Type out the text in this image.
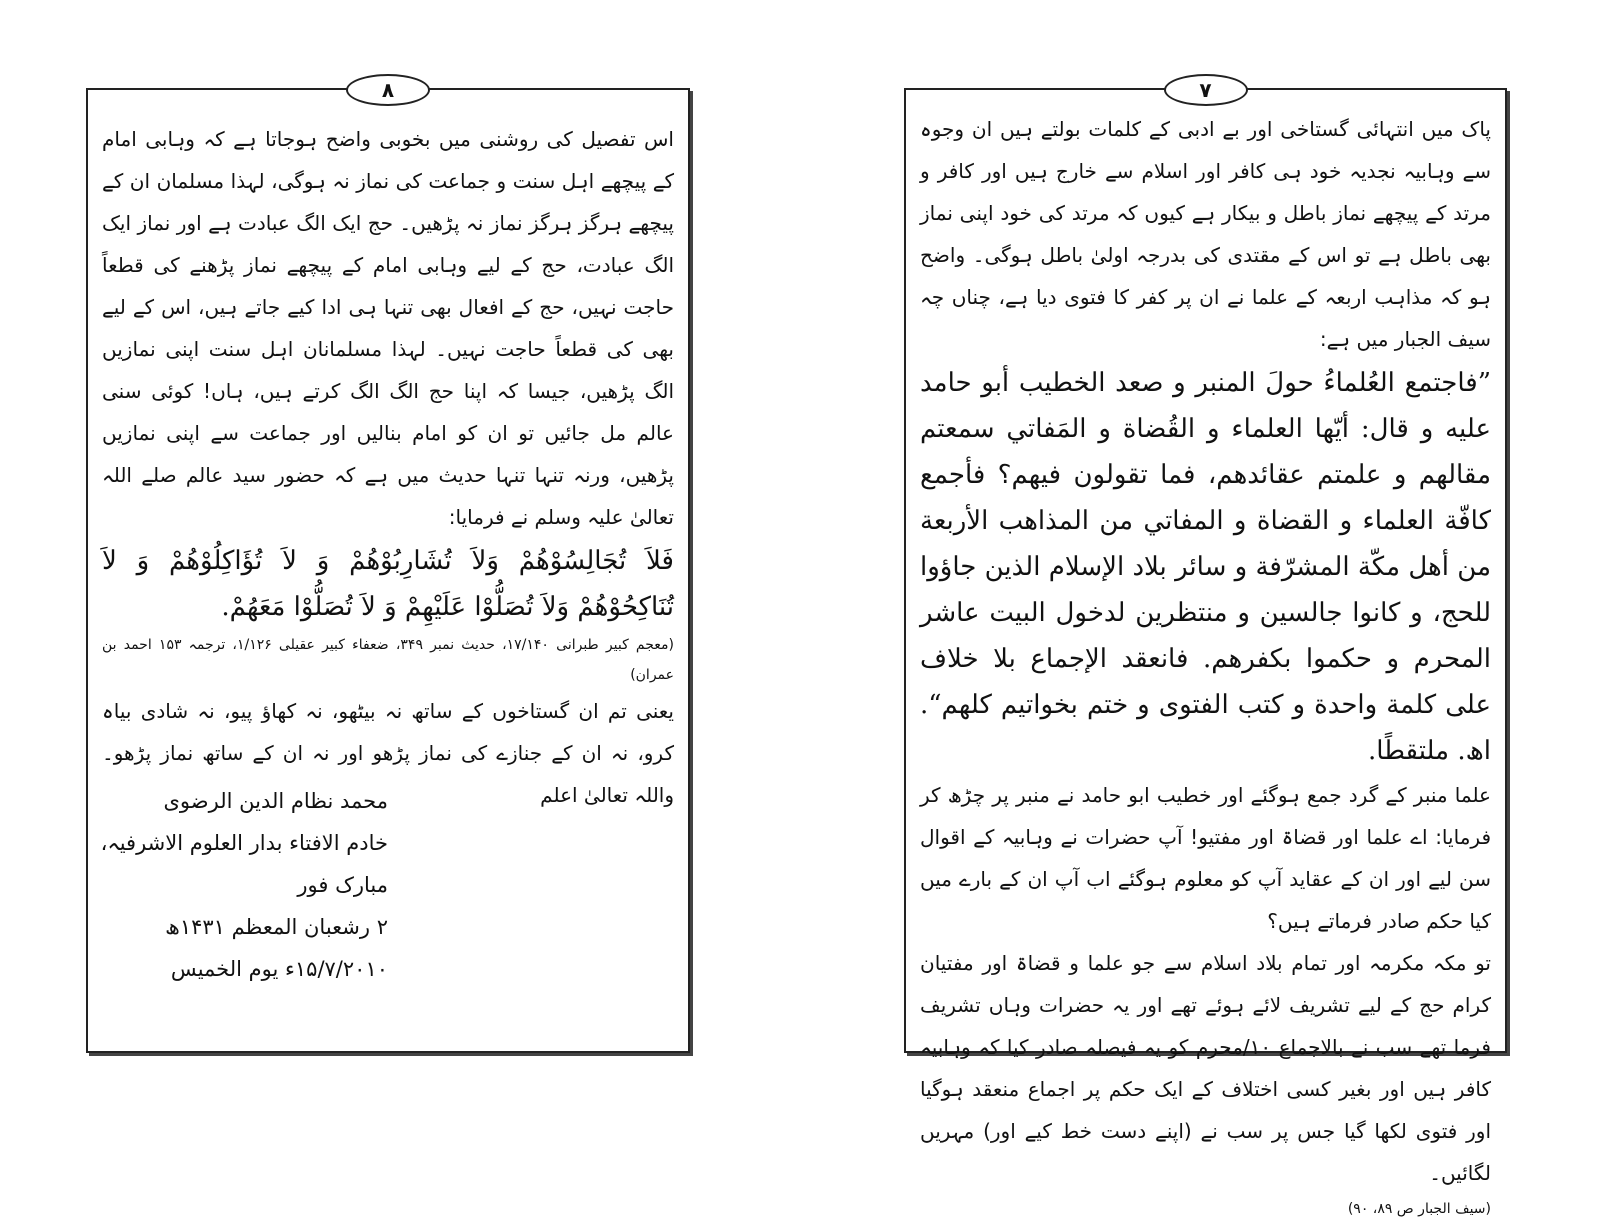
٨

اس تفصیل کی روشنی میں بخوبی واضح ہوجاتا ہے کہ وہابی امام کے پیچھے اہل سنت و جماعت کی نماز نہ ہوگی، لہذا مسلمان ان کے پیچھے ہرگز ہرگز نماز نہ پڑھیں۔ حج ایک الگ عبادت ہے اور نماز ایک الگ عبادت، حج کے لیے وہابی امام کے پیچھے نماز پڑھنے کی قطعاً حاجت نہیں، حج کے افعال بھی تنہا ہی ادا کیے جاتے ہیں، اس کے لیے بھی کی قطعاً حاجت نہیں۔ لہذا مسلمانان اہل سنت اپنی نمازیں الگ پڑھیں، جیسا کہ اپنا حج الگ الگ کرتے ہیں، ہاں! کوئی سنی عالم مل جائیں تو ان کو امام بنالیں اور جماعت سے اپنی نمازیں پڑھیں، ورنہ تنہا تنہا حدیث میں ہے کہ حضور سید عالم صلے اللہ تعالیٰ علیہ وسلم نے فرمایا:

فَلاَ تُجَالِسُوْهُمْ وَلاَ تُشَارِبُوْهُمْ وَ لاَ تُؤَاكِلُوْهُمْ وَ لاَ تُنَاكِحُوْهُمْ وَلاَ تُصَلُّوْا عَلَيْهِمْ وَ لاَ تُصَلُّوْا مَعَهُمْ.

(معجم کبیر طبرانی ۱۷/۱۴۰، حدیث نمبر ۳۴۹، ضعفاء کبیر عقیلی ۱/۱۲۶، ترجمہ ۱۵۳ احمد بن عمران)

یعنی تم ان گستاخوں کے ساتھ نہ بیٹھو، نہ کھاؤ پیو، نہ شادی بیاہ کرو، نہ ان کے جنازے کی نماز پڑھو اور نہ ان کے ساتھ نماز پڑھو۔ واللہ تعالیٰ اعلم

محمد نظام الدین الرضوی

خادم الافتاء بدار العلوم الاشرفیہ، مبارک فور

۲ رشعبان المعظم ۱۴۳۱ھ

۱۵/۷/۲۰۱۰ء یوم الخمیس

٧

پاک میں انتہائی گستاخی اور بے ادبی کے کلمات بولتے ہیں ان وجوہ سے وہابیہ نجدیہ خود ہی کافر اور اسلام سے خارج ہیں اور کافر و مرتد کے پیچھے نماز باطل و بیکار ہے کیوں کہ مرتد کی خود اپنی نماز بھی باطل ہے تو اس کے مقتدی کی بدرجہ اولیٰ باطل ہوگی۔ واضح ہو کہ مذاہب اربعہ کے علما نے ان پر کفر کا فتوی دیا ہے، چناں چہ سیف الجبار میں ہے:

”فاجتمع العُلماءُ حولَ المنبر و صعد الخطيب أبو حامد عليه و قال: أيّها العلماء و القُضاة و المَفاتي سمعتم مقالهم و علمتم عقائدهم، فما تقولون فيهم؟ فأجمع كافّة العلماء و القضاة و المفاتي من المذاهب الأربعة من أهل مكّة المشرّفة و سائر بلاد الإسلام الذين جاؤوا للحج، و كانوا جالسين و منتظرين لدخول البيت عاشر المحرم و حكموا بكفرهم. فانعقد الإجماع بلا خلاف على كلمة واحدة و كتب الفتوى و ختم بخواتيم كلهم“. اھ. ملتقطًا.

علما منبر کے گرد جمع ہوگئے اور خطیب ابو حامد نے منبر پر چڑھ کر فرمایا: اے علما اور قضاۃ اور مفتیو! آپ حضرات نے وہابیہ کے اقوال سن لیے اور ان کے عقاید آپ کو معلوم ہوگئے اب آپ ان کے بارے میں کیا حکم صادر فرماتے ہیں؟

تو مکہ مکرمہ اور تمام بلاد اسلام سے جو علما و قضاۃ اور مفتیان کرام حج کے لیے تشریف لائے ہوئے تھے اور یہ حضرات وہاں تشریف فرما تھے سب نے بالاجماع ۱۰/محرم کو یہ فیصلہ صادر کیا کہ وہابیہ کافر ہیں اور بغیر کسی اختلاف کے ایک حکم پر اجماع منعقد ہوگیا اور فتوی لکھا گیا جس پر سب نے (اپنے دست خط کیے اور) مہریں لگائیں۔

(سیف الجبار ص ۸۹، ۹۰)
